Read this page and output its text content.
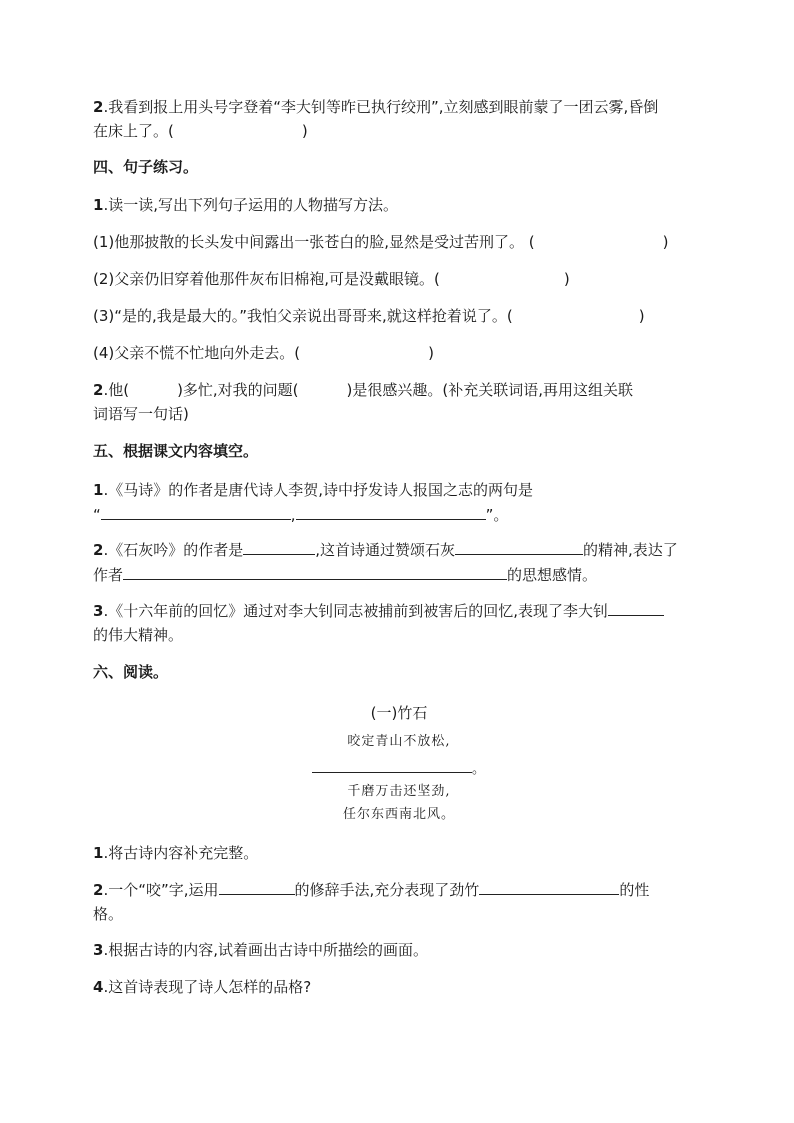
2.我看到报上用头号字登着“李大钊等昨已执行绞刑”,立刻感到眼前蒙了一团云雾,昏倒
在床上了。(	)
四、句子练习。
1.读一读,写出下列句子运用的人物描写方法。
(1)他那披散的长头发中间露出一张苍白的脸,显然是受过苦刑了。 (	)
(2)父亲仍旧穿着他那件灰布旧棉袍,可是没戴眼镜。(	)
(3)“是的,我是最大的。”我怕父亲说出哥哥来,就这样抢着说了。(	)
(4)父亲不慌不忙地向外走去。(	)
2.他(	)多忙,对我的问题(	)是很感兴趣。(补充关联词语,再用这组关联
词语写一句话)
五、根据课文内容填空。
1.《马诗》的作者是唐代诗人李贺,诗中抒发诗人报国之志的两句是
“	,	”。
2.《石灰吟》的作者是	,这首诗通过赞颂石灰	的精神,表达了
作者	的思想感情。
3.《十六年前的回忆》通过对李大钊同志被捕前到被害后的回忆,表现了李大钊
的伟大精神。
六、阅读。
(一)竹石
咬定青山不放松,
。
千磨万击还坚劲,
任尔东西南北风。
1.将古诗内容补充完整。
2.一个“咬”字,运用	的修辞手法,充分表现了劲竹	的性
格。
3.根据古诗的内容,试着画出古诗中所描绘的画面。
4.这首诗表现了诗人怎样的品格?
